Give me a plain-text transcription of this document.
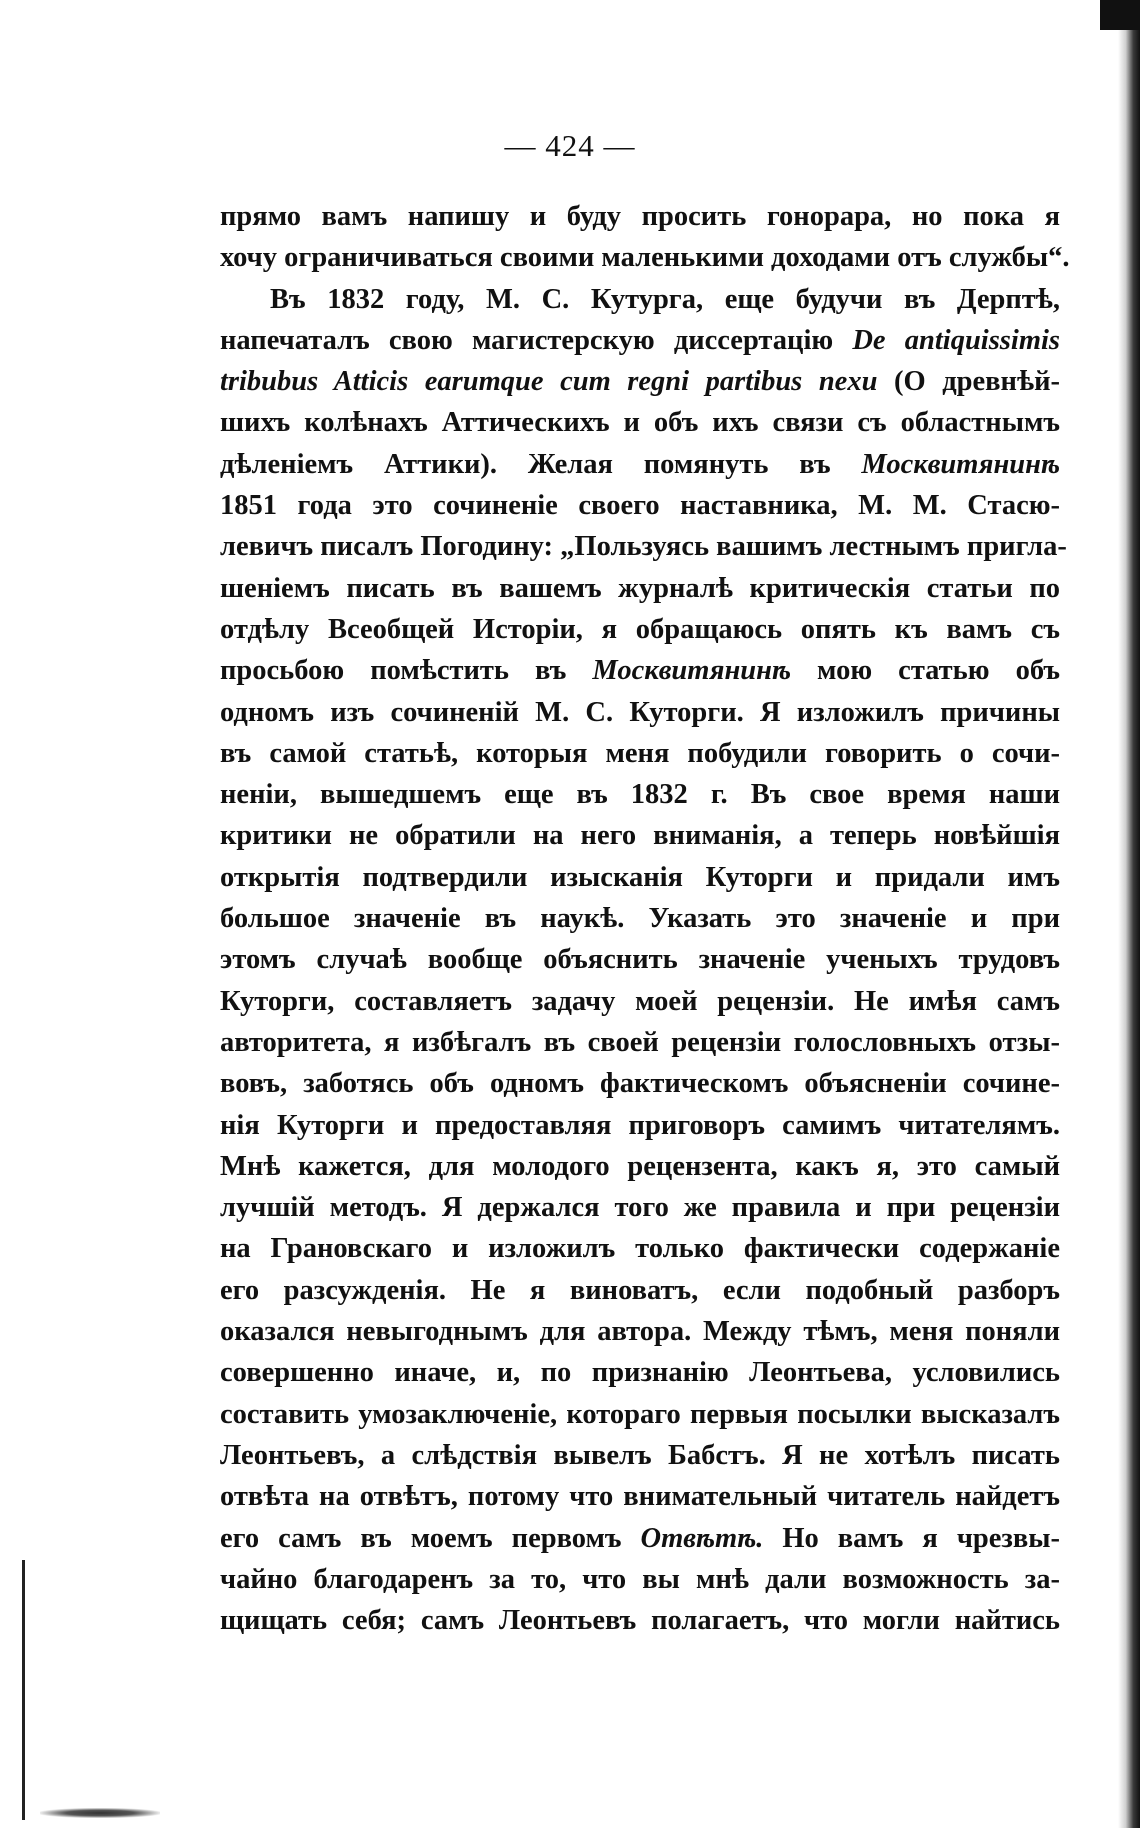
— 424 —
прямо вамъ напишу и буду просить гонорара, но пока я
хочу ограничиваться своими маленькими доходами отъ службы“.
Въ 1832 году, М. С. Кутурга, еще будучи въ Дерптѣ,
напечаталъ свою магистерскую диссертацію De antiquissimis
tribubus Atticis earumque cum regni partibus nexu (О древнѣй-
шихъ колѣнахъ Аттическихъ и объ ихъ связи съ областнымъ
дѣленіемъ Аттики). Желая помянуть въ Москвитянинѣ
1851 года это сочиненіе своего наставника, М. М. Стасю-
левичъ писалъ Погодину: „Пользуясь вашимъ лестнымъ пригла-
шеніемъ писать въ вашемъ журналѣ критическія статьи по
отдѣлу Всеобщей Исторіи, я обращаюсь опять къ вамъ съ
просьбою помѣстить въ Москвитянинѣ мою статью объ
одномъ изъ сочиненій М. С. Куторги. Я изложилъ причины
въ самой статьѣ, которыя меня побудили говорить о сочи-
неніи, вышедшемъ еще въ 1832 г. Въ свое время наши
критики не обратили на него вниманія, а теперь новѣйшія
открытія подтвердили изысканія Куторги и придали имъ
большое значеніе въ наукѣ. Указать это значеніе и при
этомъ случаѣ вообще объяснить значеніе ученыхъ трудовъ
Куторги, составляетъ задачу моей рецензіи. Не имѣя самъ
авторитета, я избѣгалъ въ своей рецензіи голословныхъ отзы-
вовъ, заботясь объ одномъ фактическомъ объясненіи сочине-
нія Куторги и предоставляя приговоръ самимъ читателямъ.
Мнѣ кажется, для молодого рецензента, какъ я, это самый
лучшій методъ. Я держался того же правила и при рецензіи
на Грановскаго и изложилъ только фактически содержаніе
его разсужденія. Не я виноватъ, если подобный разборъ
оказался невыгоднымъ для автора. Между тѣмъ, меня поняли
совершенно иначе, и, по признанію Леонтьева, условились
составить умозаключеніе, котораго первыя посылки высказалъ
Леонтьевъ, а слѣдствія вывелъ Бабстъ. Я не хотѣлъ писать
отвѣта на отвѣтъ, потому что внимательный читатель найдетъ
его самъ въ моемъ первомъ Отвѣтѣ. Но вамъ я чрезвы-
чайно благодаренъ за то, что вы мнѣ дали возможность за-
щищать себя; самъ Леонтьевъ полагаетъ, что могли найтись
